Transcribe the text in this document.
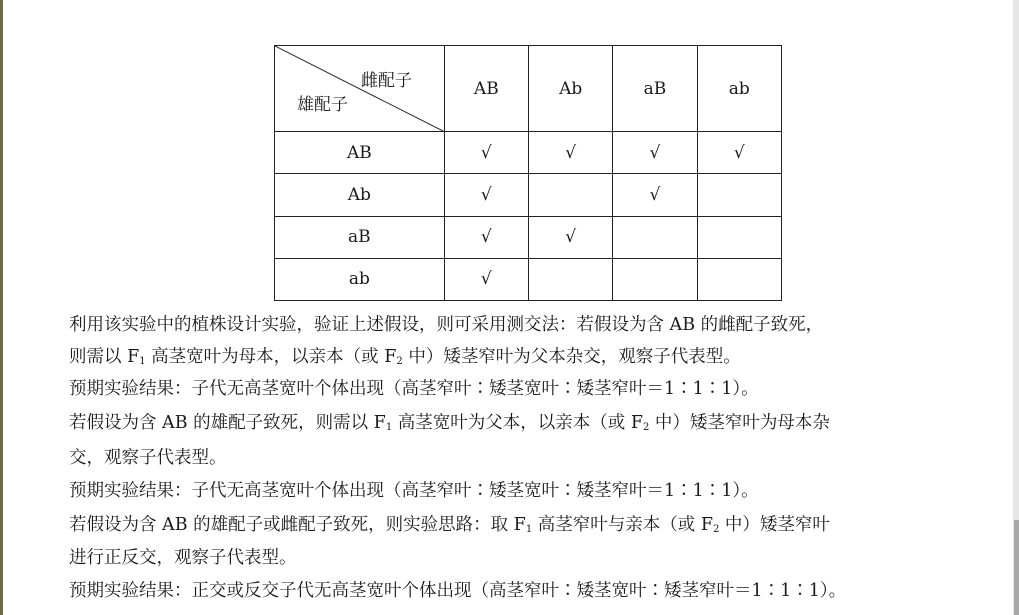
雌配子
雄配子	AB	Ab	aB	ab
AB	√	√	√	√
Ab	√		√	
aB	√	√		
ab	√			
利用该实验中的植株设计实验，验证上述假设，则可采用测交法：若假设为含 AB 的雌配子致死，
则需以 $F_1$ 高茎宽叶为母本，以亲本（或 $F_2$ 中）矮茎窄叶为父本杂交，观察子代表型。
预期实验结果：子代无高茎宽叶个体出现（高茎窄叶∶矮茎宽叶∶矮茎窄叶＝1∶1∶1）。
若假设为含 AB 的雄配子致死，则需以 $F_1$ 高茎宽叶为父本，以亲本（或 $F_2$ 中）矮茎窄叶为母本杂
交，观察子代表型。
预期实验结果：子代无高茎宽叶个体出现（高茎窄叶∶矮茎宽叶∶矮茎窄叶＝1∶1∶1）。
若假设为含 AB 的雄配子或雌配子致死，则实验思路：取 $F_1$ 高茎窄叶与亲本（或 $F_2$ 中）矮茎窄叶
进行正反交，观察子代表型。
预期实验结果：正交或反交子代无高茎宽叶个体出现（高茎窄叶∶矮茎宽叶∶矮茎窄叶＝1∶1∶1）。
